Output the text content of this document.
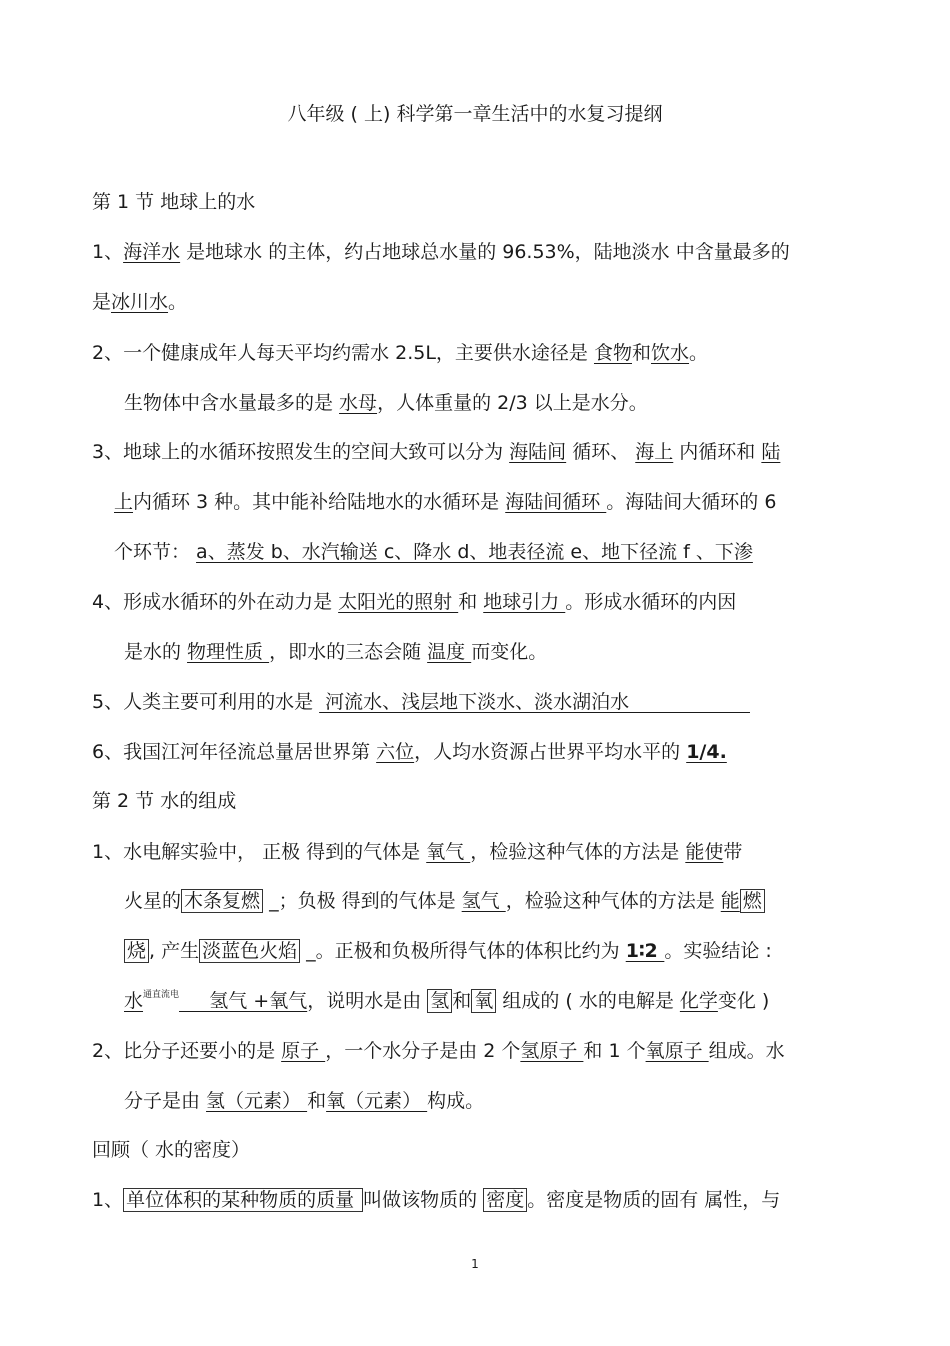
八年级 ( 上) 科学第一章生活中的水复习提纲
第 1 节 地球上的水
1、海洋水 是地球水 的主体，约占地球总水量的 96.53%，陆地淡水 中含量最多的
是冰川水。
2、一个健康成年人每天平均约需水 2.5L，主要供水途径是 食物和饮水。
生物体中含水量最多的是 水母，人体重量的 2/3 以上是水分。
3、地球上的水循环按照发生的空间大致可以分为 海陆间 循环、 海上 内循环和 陆
上内循环 3 种。其中能补给陆地水的水循环是 海陆间循环 。海陆间大循环的 6
个环节： a、蒸发 b、水汽输送 c、降水 d、地表径流 e、地下径流 f 、下渗
4、形成水循环的外在动力是 太阳光的照射 和 地球引力 。形成水循环的内因
是水的 物理性质 ，即水的三态会随 温度 而变化。
5、人类主要可利用的水是  河流水、浅层地下淡水、淡水湖泊水
6、我国江河年径流总量居世界第 六位，人均水资源占世界平均水平的 1/4.
第 2 节 水的组成
1、水电解实验中， 正极 得到的气体是 氧气 ，检验这种气体的方法是 能使带
火星的 木条复燃 _；负极 得到的气体是 氢气 ，检验这种气体的方法是 能 燃
烧 , 产生 淡蓝色火焰 _。正极和负极所得气体的体积比约为 1∶2 。实验结论 :
水$^{通直流电}$     氢气 +氧气，说明水是由 氢 和 氧 组成的 ( 水的电解是 化学变化 )
2、比分子还要小的是 原子 ，一个水分子是由 2 个氢原子 和 1 个氧原子 组成。水
分子是由 氢（元素） 和氧（元素） 构成。
回顾（ 水的密度）
1、 单位体积的某种物质的质量 叫做该物质的 密度 。密度是物质的固有 属性，与
1
